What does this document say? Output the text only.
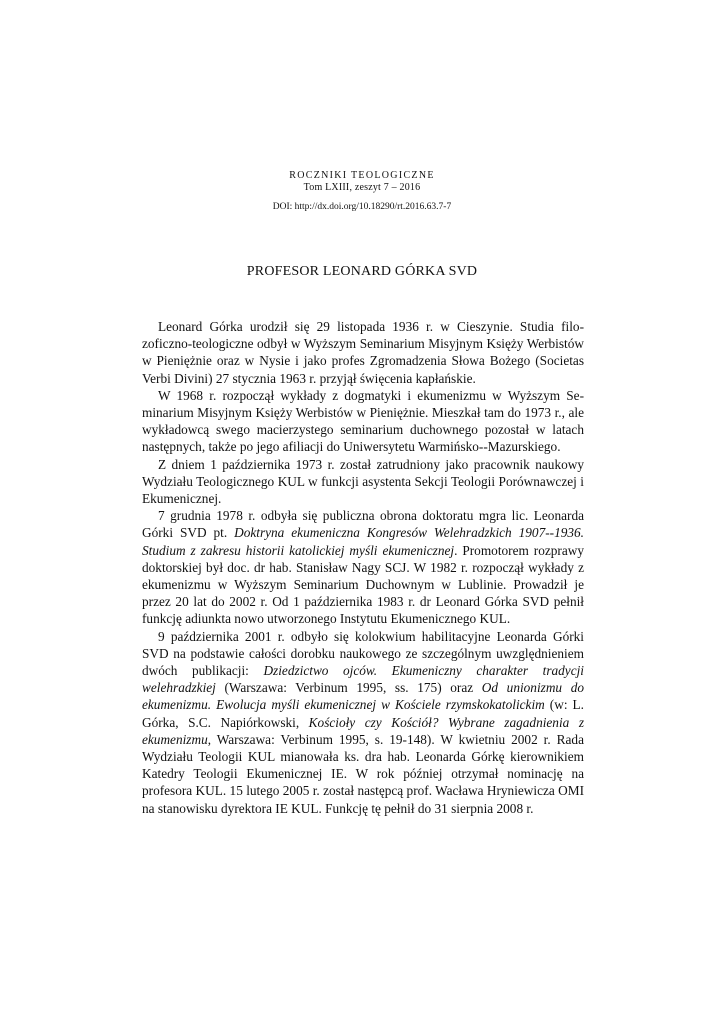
ROCZNIKI TEOLOGICZNE
Tom LXIII, zeszyt 7 – 2016
DOI: http://dx.doi.org/10.18290/rt.2016.63.7-7
PROFESOR LEONARD GÓRKA SVD

Leonard Górka urodził się 29 listopada 1936 r. w Cieszynie. Studia filozoficzno-teologiczne odbył w Wyższym Seminarium Misyjnym Księży Werbistów w Pieniężnie oraz w Nysie i jako profes Zgromadzenia Słowa Bożego (Societas Verbi Divini) 27 stycznia 1963 r. przyjął święcenia kapłańskie.

W 1968 r. rozpoczął wykłady z dogmatyki i ekumenizmu w Wyższym Seminarium Misyjnym Księży Werbistów w Pieniężnie. Mieszkał tam do 1973 r., ale wykładowcą swego macierzystego seminarium duchownego pozostał w latach następnych, także po jego afiliacji do Uniwersytetu Warmińsko-⁠-Mazurskiego.

Z dniem 1 października 1973 r. został zatrudniony jako pracownik naukowy Wydziału Teologicznego KUL w funkcji asystenta Sekcji Teologii Porównawczej i Ekumenicznej.

7 grudnia 1978 r. odbyła się publiczna obrona doktoratu mgra lic. Leonarda Górki SVD pt. Doktryna ekumeniczna Kongresów Welehradzkich 1907-⁠-1936. Studium z zakresu historii katolickiej myśli ekumenicznej. Promotorem rozprawy doktorskiej był doc. dr hab. Stanisław Nagy SCJ. W 1982 r. rozpoczął wykłady z ekumenizmu w Wyższym Seminarium Duchownym w Lublinie. Prowadził je przez 20 lat do 2002 r. Od 1 października 1983 r. dr Leonard Górka SVD pełnił funkcję adiunkta nowo utworzonego Instytutu Ekumenicznego KUL.

9 października 2001 r. odbyło się kolokwium habilitacyjne Leonarda Górki SVD na podstawie całości dorobku naukowego ze szczególnym uwzględnieniem dwóch publikacji: Dziedzictwo ojców. Ekumeniczny charakter tradycji welehradzkiej (Warszawa: Verbinum 1995, ss. 175) oraz Od unionizmu do ekumenizmu. Ewolucja myśli ekumenicznej w Kościele rzymskokatolickim (w: L. Górka, S.C. Napiórkowski, Kościoły czy Kościół? Wybrane zagadnienia z ekumenizmu, Warszawa: Verbinum 1995, s. 19-148). W kwietniu 2002 r. Rada Wydziału Teologii KUL mianowała ks. dra hab. Leonarda Górkę kierownikiem Katedry Teologii Ekumenicznej IE. W rok później otrzymał nominację na profesora KUL. 15 lutego 2005 r. został następcą prof. Wacława Hryniewicza OMI na stanowisku dyrektora IE KUL. Funkcję tę pełnił do 31 sierpnia 2008 r.
